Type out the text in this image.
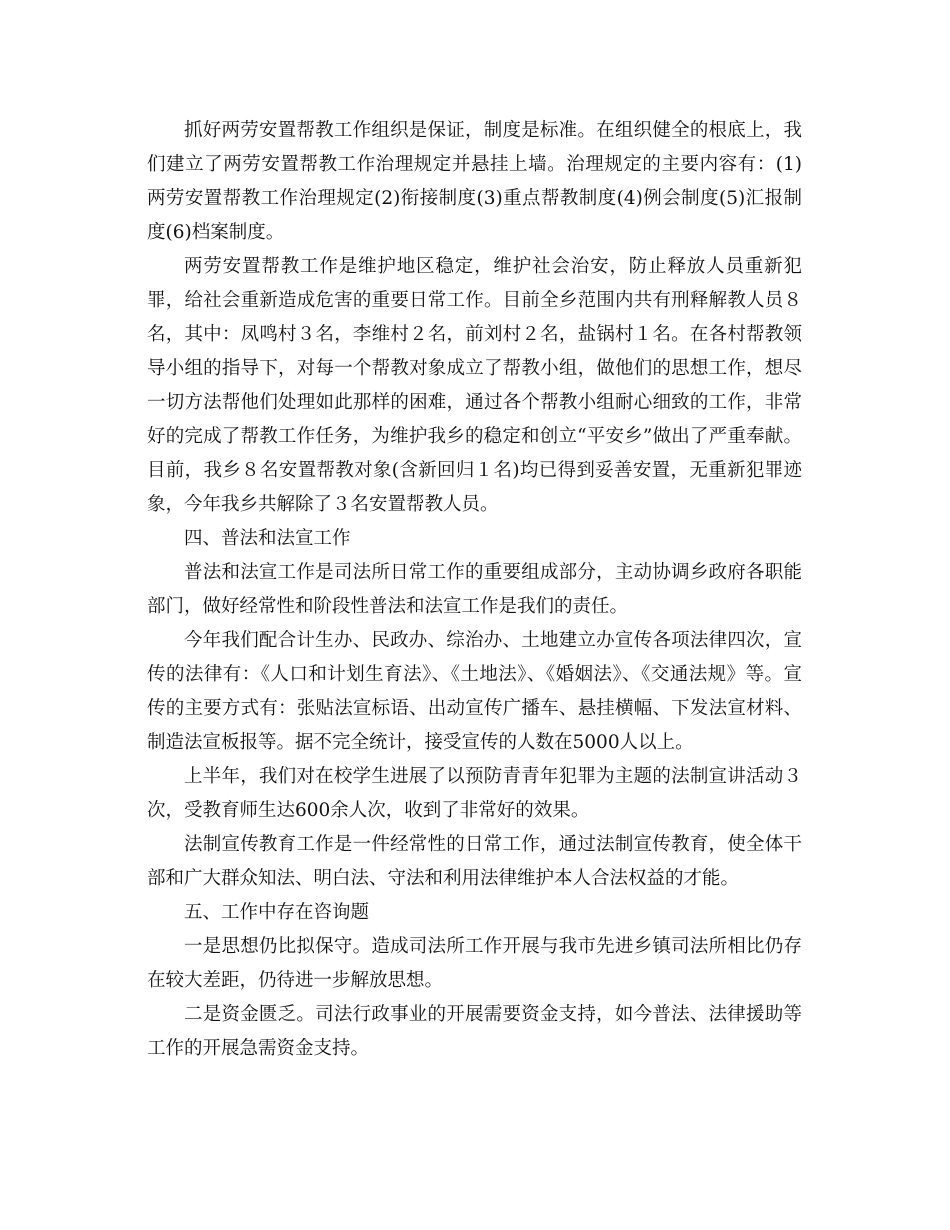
抓好两劳安置帮教工作组织是保证，制度是标准。在组织健全的根底上，我们建立了两劳安置帮教工作治理规定并悬挂上墙。治理规定的主要内容有：(1)两劳安置帮教工作治理规定(2)衔接制度(3)重点帮教制度(4)例会制度(5)汇报制度(6)档案制度。

两劳安置帮教工作是维护地区稳定，维护社会治安，防止释放人员重新犯罪，给社会重新造成危害的重要日常工作。目前全乡范围内共有刑释解教人员８名，其中：凤鸣村３名，李维村２名，前刘村２名，盐锅村１名。在各村帮教领导小组的指导下，对每一个帮教对象成立了帮教小组，做他们的思想工作，想尽一切方法帮他们处理如此那样的困难，通过各个帮教小组耐心细致的工作，非常好的完成了帮教工作任务，为维护我乡的稳定和创立“平安乡”做出了严重奉献。目前，我乡８名安置帮教对象(含新回归１名)均已得到妥善安置，无重新犯罪迹象，今年我乡共解除了３名安置帮教人员。

四、普法和法宣工作

普法和法宣工作是司法所日常工作的重要组成部分，主动协调乡政府各职能部门，做好经常性和阶段性普法和法宣工作是我们的责任。

今年我们配合计生办、民政办、综治办、土地建立办宣传各项法律四次，宣传的法律有：《人口和计划生育法》、《土地法》、《婚姻法》、《交通法规》等。宣传的主要方式有：张贴法宣标语、出动宣传广播车、悬挂横幅、下发法宣材料、制造法宣板报等。据不完全统计，接受宣传的人数在5000人以上。

上半年，我们对在校学生进展了以预防青青年犯罪为主题的法制宣讲活动３次，受教育师生达600余人次，收到了非常好的效果。

法制宣传教育工作是一件经常性的日常工作，通过法制宣传教育，使全体干部和广大群众知法、明白法、守法和利用法律维护本人合法权益的才能。

五、工作中存在咨询题

一是思想仍比拟保守。造成司法所工作开展与我市先进乡镇司法所相比仍存在较大差距，仍待进一步解放思想。

二是资金匮乏。司法行政事业的开展需要资金支持，如今普法、法律援助等工作的开展急需资金支持。
